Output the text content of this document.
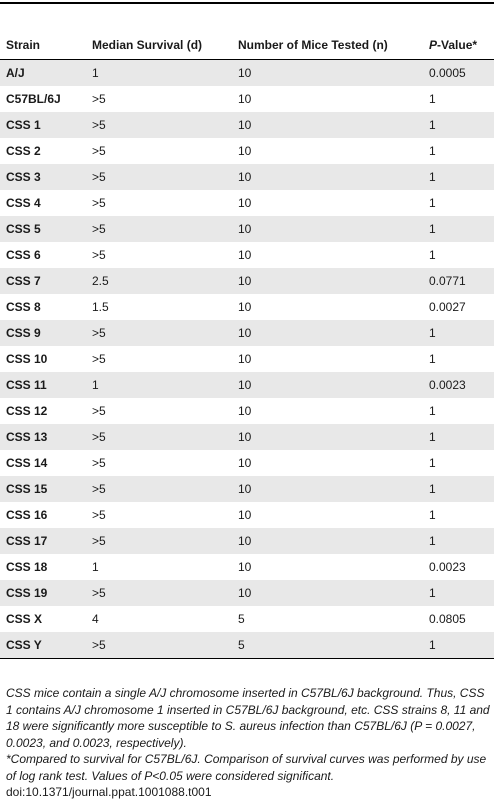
Strain	Median Survival (d)	Number of Mice Tested (n)	P-Value*
A/J	1	10	0.0005
C57BL/6J	>5	10	1
CSS 1	>5	10	1
CSS 2	>5	10	1
CSS 3	>5	10	1
CSS 4	>5	10	1
CSS 5	>5	10	1
CSS 6	>5	10	1
CSS 7	2.5	10	0.0771
CSS 8	1.5	10	0.0027
CSS 9	>5	10	1
CSS 10	>5	10	1
CSS 11	1	10	0.0023
CSS 12	>5	10	1
CSS 13	>5	10	1
CSS 14	>5	10	1
CSS 15	>5	10	1
CSS 16	>5	10	1
CSS 17	>5	10	1
CSS 18	1	10	0.0023
CSS 19	>5	10	1
CSS X	4	5	0.0805
CSS Y	>5	5	1

CSS mice contain a single A/J chromosome inserted in C57BL/6J background. Thus, CSS 1 contains A/J chromosome 1 inserted in C57BL/6J background, etc. CSS strains 8, 11 and 18 were significantly more susceptible to S. aureus infection than C57BL/6J (P = 0.0027, 0.0023, and 0.0023, respectively).

*Compared to survival for C57BL/6J. Comparison of survival curves was performed by use of log rank test. Values of P<0.05 were considered significant.

doi:10.1371/journal.ppat.1001088.t001
